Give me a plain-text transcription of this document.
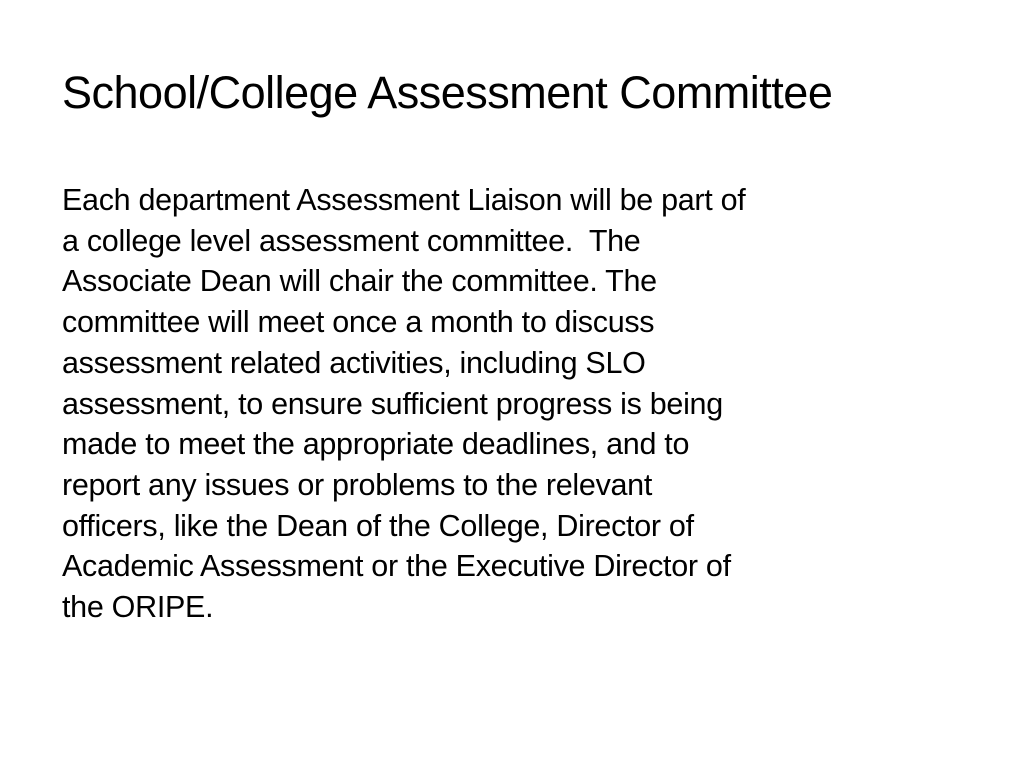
School/College Assessment Committee
Each department Assessment Liaison will be part of
a college level assessment committee.  The
Associate Dean will chair the committee. The
committee will meet once a month to discuss
assessment related activities, including SLO
assessment, to ensure sufficient progress is being
made to meet the appropriate deadlines, and to
report any issues or problems to the relevant
officers, like the Dean of the College, Director of
Academic Assessment or the Executive Director of
the ORIPE.
